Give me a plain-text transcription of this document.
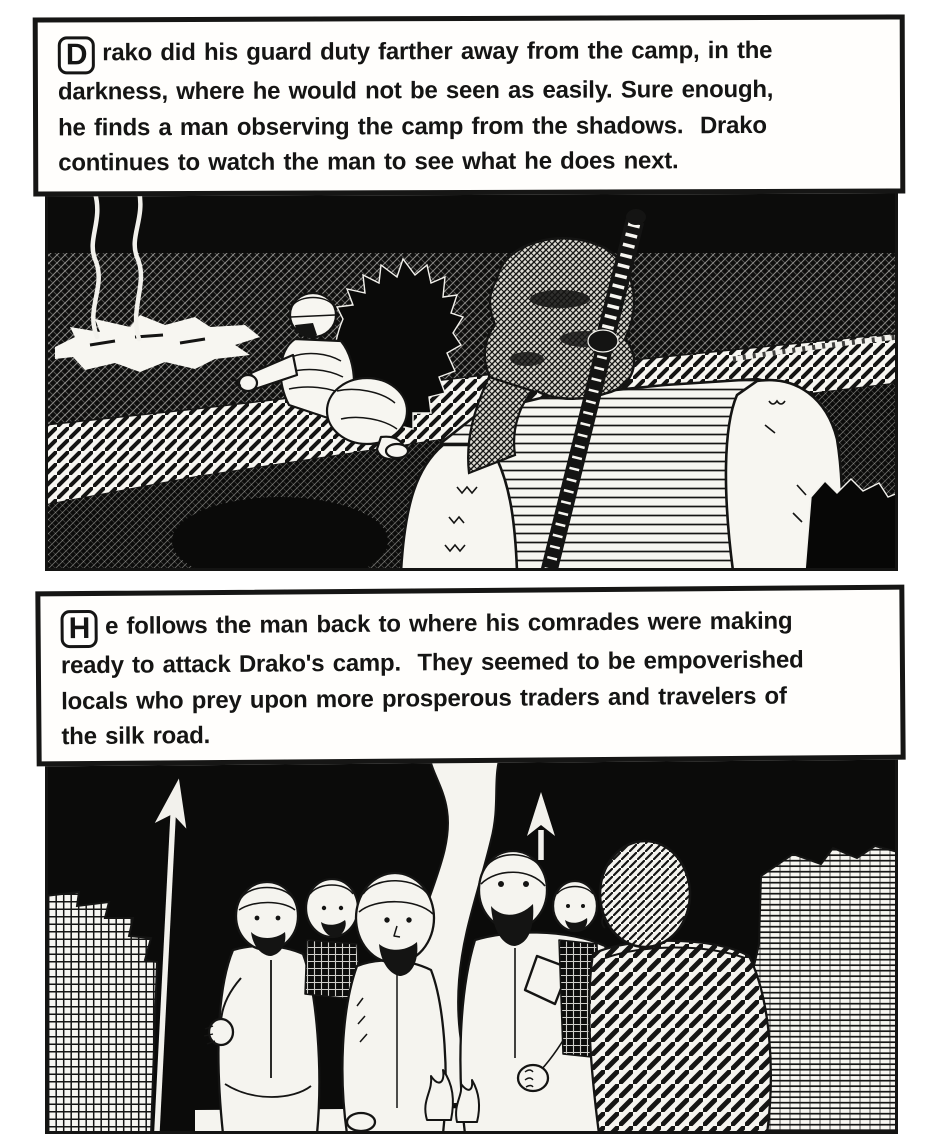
D rako did his guard duty farther away from the camp, in the
darkness, where he would not be seen as easily. Sure enough,
he finds a man observing the camp from the shadows.  Drako
continues to watch the man to see what he does next.
H e follows the man back to where his comrades were making
ready to attack Drako's camp.  They seemed to be empoverished
locals who prey upon more prosperous traders and travelers of
the silk road.
